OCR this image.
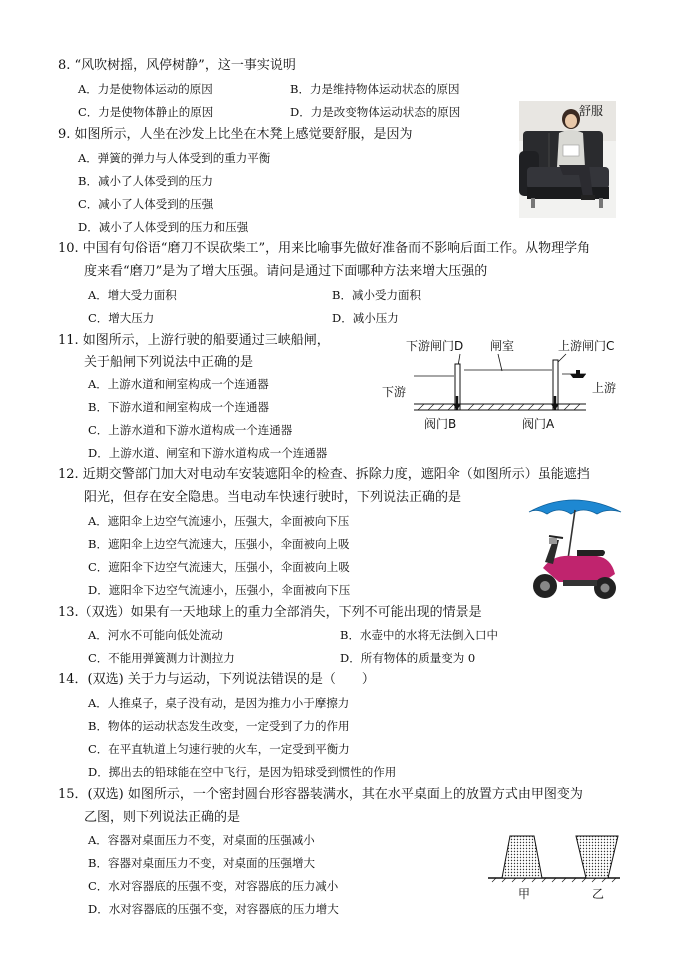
8. “风吹树摇，风停树静”，这一事实说明
A．力是使物体运动的原因	B．力是维持物体运动状态的原因
C．力是使物体静止的原因	D．力是改变物体运动状态的原因
9. 如图所示，人坐在沙发上比坐在木凳上感觉要舒服，是因为
A．弹簧的弹力与人体受到的重力平衡
B．减小了人体受到的压力
C．减小了人体受到的压强
D．减小了人体受到的压力和压强
舒服
10. 中国有句俗语“磨刀不误砍柴工”，用来比喻事先做好准备而不影响后面工作。从物理学角
度来看“磨刀”是为了增大压强。请问是通过下面哪种方法来增大压强的
A．增大受力面积	B．减小受力面积
C．增大压力	D．减小压力
11. 如图所示，上游行驶的船要通过三峡船闸，
关于船闸下列说法中正确的是
A．上游水道和闸室构成一个连通器
B．下游水道和闸室构成一个连通器
C．上游水道和下游水道构成一个连通器
D．上游水道、闸室和下游水道构成一个连通器
下游闸门D 闸室	上游闸门C
下游	上游
阀门B	阀门A
12. 近期交警部门加大对电动车安装遮阳伞的检查、拆除力度，遮阳伞（如图所示）虽能遮挡
阳光，但存在安全隐患。当电动车快速行驶时，下列说法正确的是
A．遮阳伞上边空气流速小，压强大，伞面被向下压
B．遮阳伞上边空气流速大，压强小，伞面被向上吸
C．遮阳伞下边空气流速大，压强小，伞面被向上吸
D．遮阳伞下边空气流速小，压强小，伞面被向下压
13.（双选）如果有一天地球上的重力全部消失，下列不可能出现的情景是
A．河水不可能向低处流动	B．水壶中的水将无法倒入口中
C．不能用弹簧测力计测拉力	D．所有物体的质量变为 0
14．(双选) 关于力与运动，下列说法错误的是（　　）
A．人推桌子，桌子没有动，是因为推力小于摩擦力
B．物体的运动状态发生改变，一定受到了力的作用
C．在平直轨道上匀速行驶的火车，一定受到平衡力
D．掷出去的铅球能在空中飞行，是因为铅球受到惯性的作用
15．(双选) 如图所示，一个密封圆台形容器装满水，其在水平桌面上的放置方式由甲图变为
乙图，则下列说法正确的是
A．容器对桌面压力不变，对桌面的压强减小
B．容器对桌面压力不变，对桌面的压强增大
C．水对容器底的压强不变，对容器底的压力减小
D．水对容器底的压强不变，对容器底的压力增大
甲	乙
